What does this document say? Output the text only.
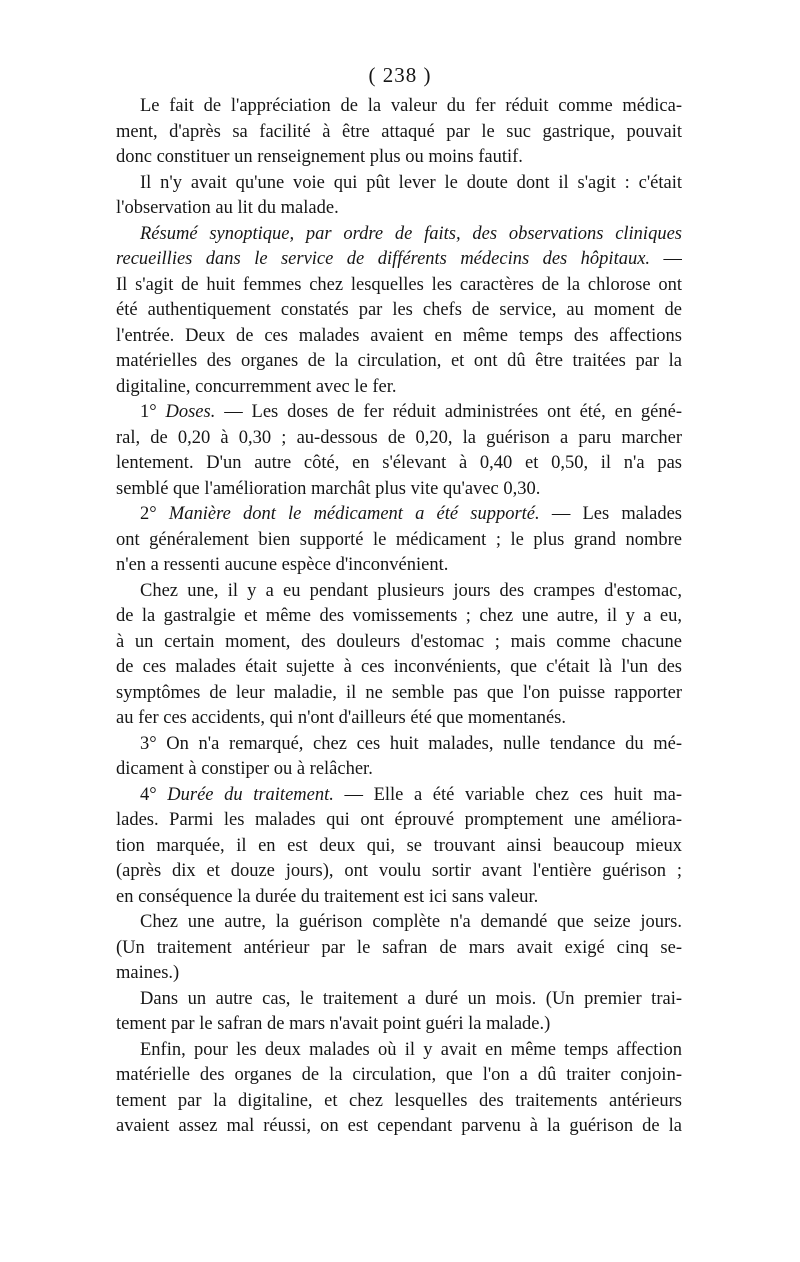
( 238 )
Le fait de l'appréciation de la valeur du fer réduit comme médica-
ment, d'après sa facilité à être attaqué par le suc gastrique, pouvait
donc constituer un renseignement plus ou moins fautif.
Il n'y avait qu'une voie qui pût lever le doute dont il s'agit : c'était
l'observation au lit du malade.
Résumé synoptique, par ordre de faits, des observations cliniques
recueillies dans le service de différents médecins des hôpitaux. —
Il s'agit de huit femmes chez lesquelles les caractères de la chlorose ont
été authentiquement constatés par les chefs de service, au moment de
l'entrée. Deux de ces malades avaient en même temps des affections
matérielles des organes de la circulation, et ont dû être traitées par la
digitaline, concurremment avec le fer.
1° Doses. — Les doses de fer réduit administrées ont été, en géné-
ral, de 0,20 à 0,30 ; au-dessous de 0,20, la guérison a paru marcher
lentement. D'un autre côté, en s'élevant à 0,40 et 0,50, il n'a pas
semblé que l'amélioration marchât plus vite qu'avec 0,30.
2° Manière dont le médicament a été supporté. — Les malades
ont généralement bien supporté le médicament ; le plus grand nombre
n'en a ressenti aucune espèce d'inconvénient.
Chez une, il y a eu pendant plusieurs jours des crampes d'estomac,
de la gastralgie et même des vomissements ; chez une autre, il y a eu,
à un certain moment, des douleurs d'estomac ; mais comme chacune
de ces malades était sujette à ces inconvénients, que c'était là l'un des
symptômes de leur maladie, il ne semble pas que l'on puisse rapporter
au fer ces accidents, qui n'ont d'ailleurs été que momentanés.
3° On n'a remarqué, chez ces huit malades, nulle tendance du mé-
dicament à constiper ou à relâcher.
4° Durée du traitement. — Elle a été variable chez ces huit ma-
lades. Parmi les malades qui ont éprouvé promptement une améliora-
tion marquée, il en est deux qui, se trouvant ainsi beaucoup mieux
(après dix et douze jours), ont voulu sortir avant l'entière guérison ;
en conséquence la durée du traitement est ici sans valeur.
Chez une autre, la guérison complète n'a demandé que seize jours.
(Un traitement antérieur par le safran de mars avait exigé cinq se-
maines.)
Dans un autre cas, le traitement a duré un mois. (Un premier trai-
tement par le safran de mars n'avait point guéri la malade.)
Enfin, pour les deux malades où il y avait en même temps affection
matérielle des organes de la circulation, que l'on a dû traiter conjoin-
tement par la digitaline, et chez lesquelles des traitements antérieurs
avaient assez mal réussi, on est cependant parvenu à la guérison de la
